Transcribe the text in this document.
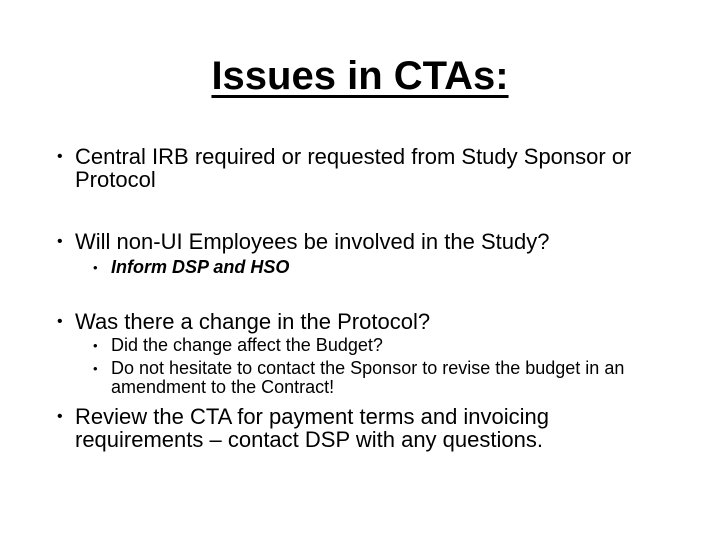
Issues in CTAs:
• Central IRB required or requested from Study Sponsor or Protocol
• Will non-UI Employees be involved in the Study?
• Inform DSP and HSO
• Was there a change in the Protocol?
• Did the change affect the Budget?
• Do not hesitate to contact the Sponsor to revise the budget in an amendment to the Contract!
• Review the CTA for payment terms and invoicing requirements – contact DSP with any questions.
